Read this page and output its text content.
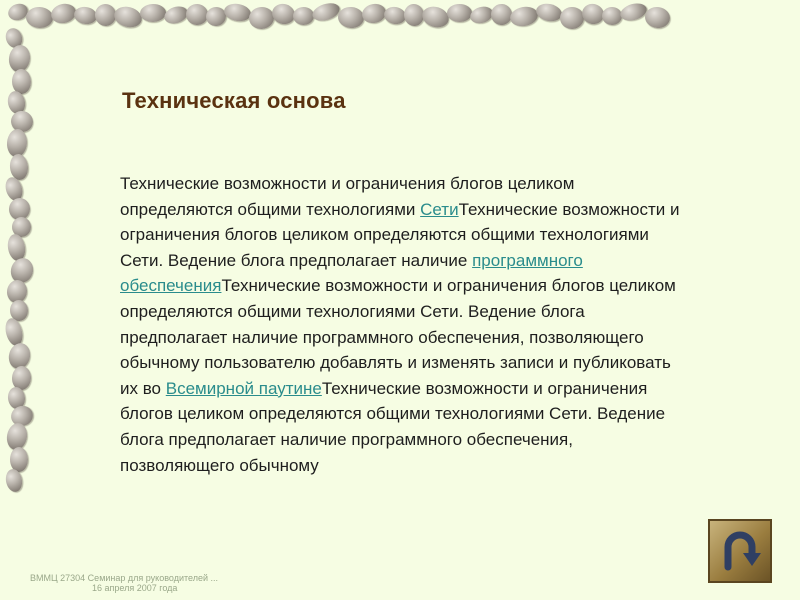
Техническая основа
Технические возможности и ограничения блогов целиком определяются общими технологиями СетиТехнические возможности и ограничения блогов целиком определяются общими технологиями Сети. Ведение блога предполагает наличие программного обеспеченияТехнические возможности и ограничения блогов целиком определяются общими технологиями Сети. Ведение блога предполагает наличие программного обеспечения, позволяющего обычному пользователю добавлять и изменять записи и публиковать их во Всемирной паутинеТехнические возможности и ограничения блогов целиком определяются общими технологиями Сети. Ведение блога предполагает наличие программного обеспечения, позволяющего обычному
ВММЦ 27304 Семинар для руководителей ...
16 апреля 2007 года
